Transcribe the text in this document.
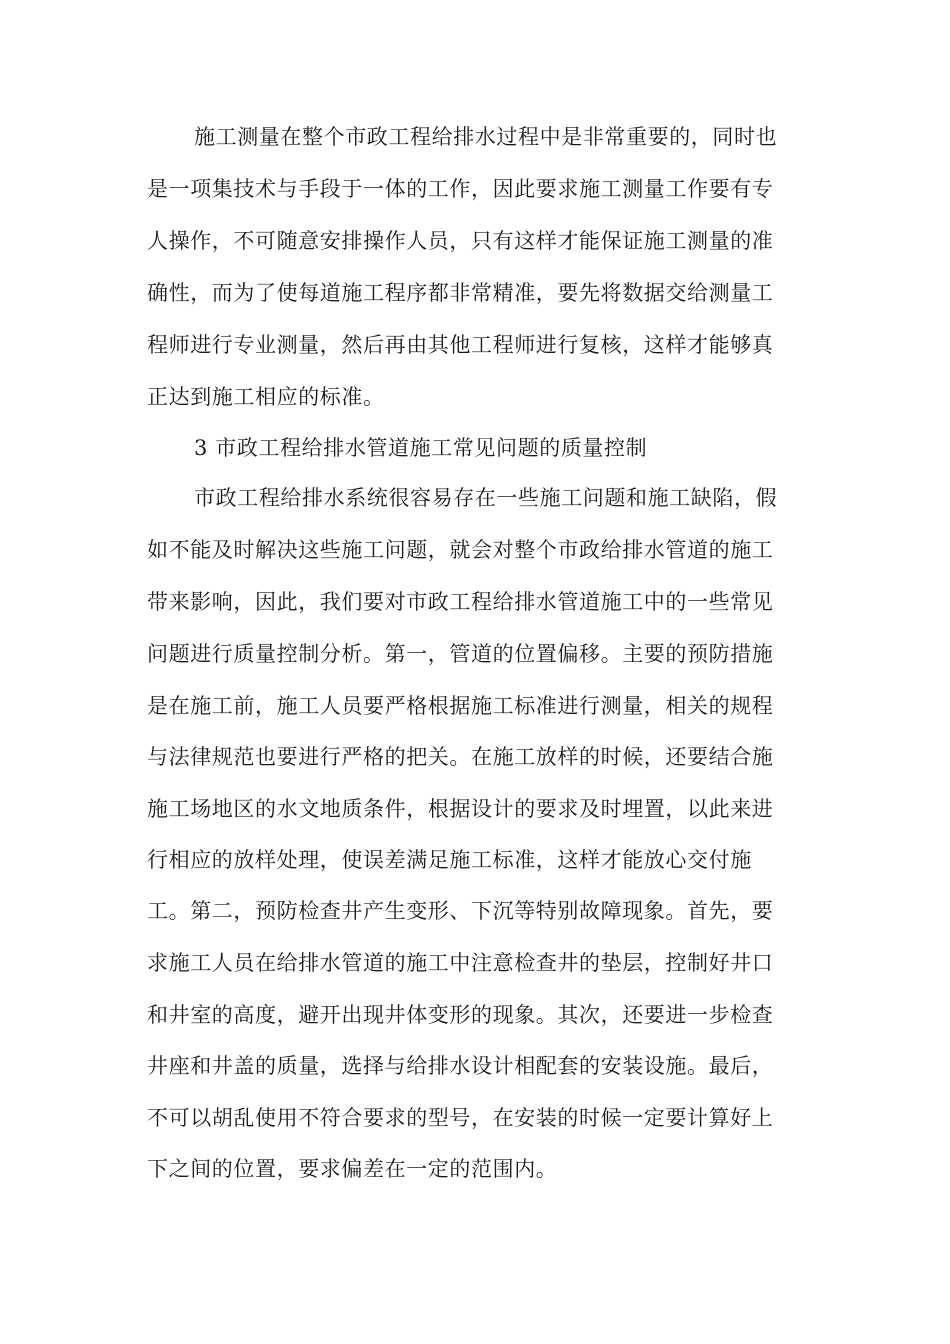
施工测量在整个市政工程给排水过程中是非常重要的，同时也
是一项集技术与手段于一体的工作，因此要求施工测量工作要有专
人操作，不可随意安排操作人员，只有这样才能保证施工测量的准
确性，而为了使每道施工程序都非常精准，要先将数据交给测量工
程师进行专业测量，然后再由其他工程师进行复核，这样才能够真
正达到施工相应的标准。
3 市政工程给排水管道施工常见问题的质量控制
市政工程给排水系统很容易存在一些施工问题和施工缺陷，假
如不能及时解决这些施工问题，就会对整个市政给排水管道的施工
带来影响，因此，我们要对市政工程给排水管道施工中的一些常见
问题进行质量控制分析。第一，管道的位置偏移。主要的预防措施
是在施工前，施工人员要严格根据施工标准进行测量，相关的规程
与法律规范也要进行严格的把关。在施工放样的时候，还要结合施
施工场地区的水文地质条件，根据设计的要求及时埋置，以此来进
行相应的放样处理，使误差满足施工标准，这样才能放心交付施
工。第二，预防检查井产生变形、下沉等特别故障现象。首先，要
求施工人员在给排水管道的施工中注意检查井的垫层，控制好井口
和井室的高度，避开出现井体变形的现象。其次，还要进一步检查
井座和井盖的质量，选择与给排水设计相配套的安装设施。最后，
不可以胡乱使用不符合要求的型号，在安装的时候一定要计算好上
下之间的位置，要求偏差在一定的范围内。
